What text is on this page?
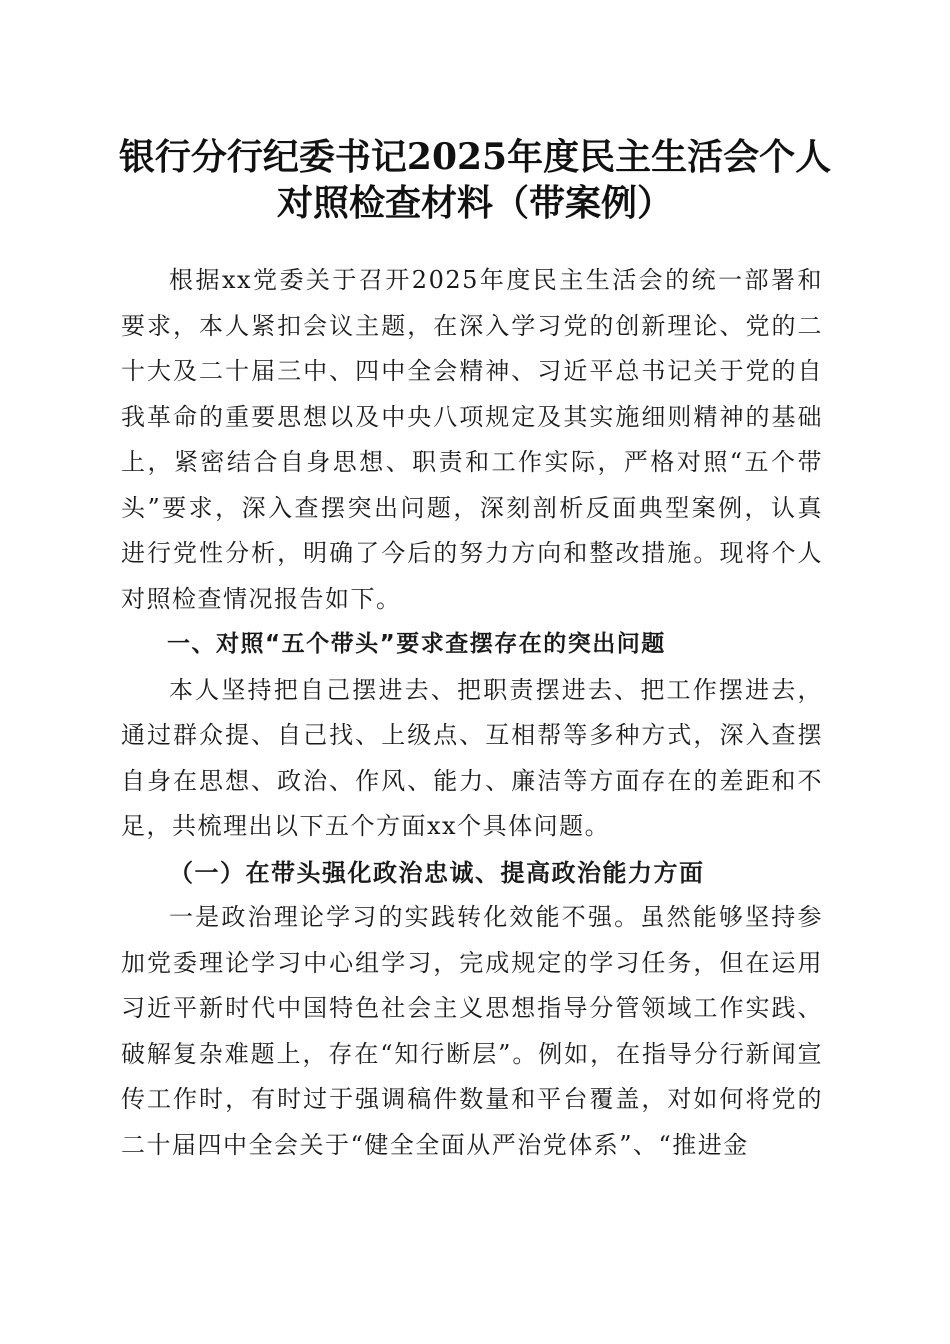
银行分行纪委书记2025年度民主生活会个人
对照检查材料（带案例）

根据xx党委关于召开2025年度民主生活会的统一部署和要求，本人紧扣会议主题，在深入学习党的创新理论、党的二十大及二十届三中、四中全会精神、习近平总书记关于党的自我革命的重要思想以及中央八项规定及其实施细则精神的基础上，紧密结合自身思想、职责和工作实际，严格对照“五个带头”要求，深入查摆突出问题，深刻剖析反面典型案例，认真进行党性分析，明确了今后的努力方向和整改措施。现将个人对照检查情况报告如下。

一、对照“五个带头”要求查摆存在的突出问题

本人坚持把自己摆进去、把职责摆进去、把工作摆进去，通过群众提、自己找、上级点、互相帮等多种方式，深入查摆自身在思想、政治、作风、能力、廉洁等方面存在的差距和不足，共梳理出以下五个方面xx个具体问题。

（一）在带头强化政治忠诚、提高政治能力方面

一是政治理论学习的实践转化效能不强。虽然能够坚持参加党委理论学习中心组学习，完成规定的学习任务，但在运用习近平新时代中国特色社会主义思想指导分管领域工作实践、破解复杂难题上，存在“知行断层”。例如，在指导分行新闻宣传工作时，有时过于强调稿件数量和平台覆盖，对如何将党的二十届四中全会关于“健全全面从严治党体系”、“推进金
